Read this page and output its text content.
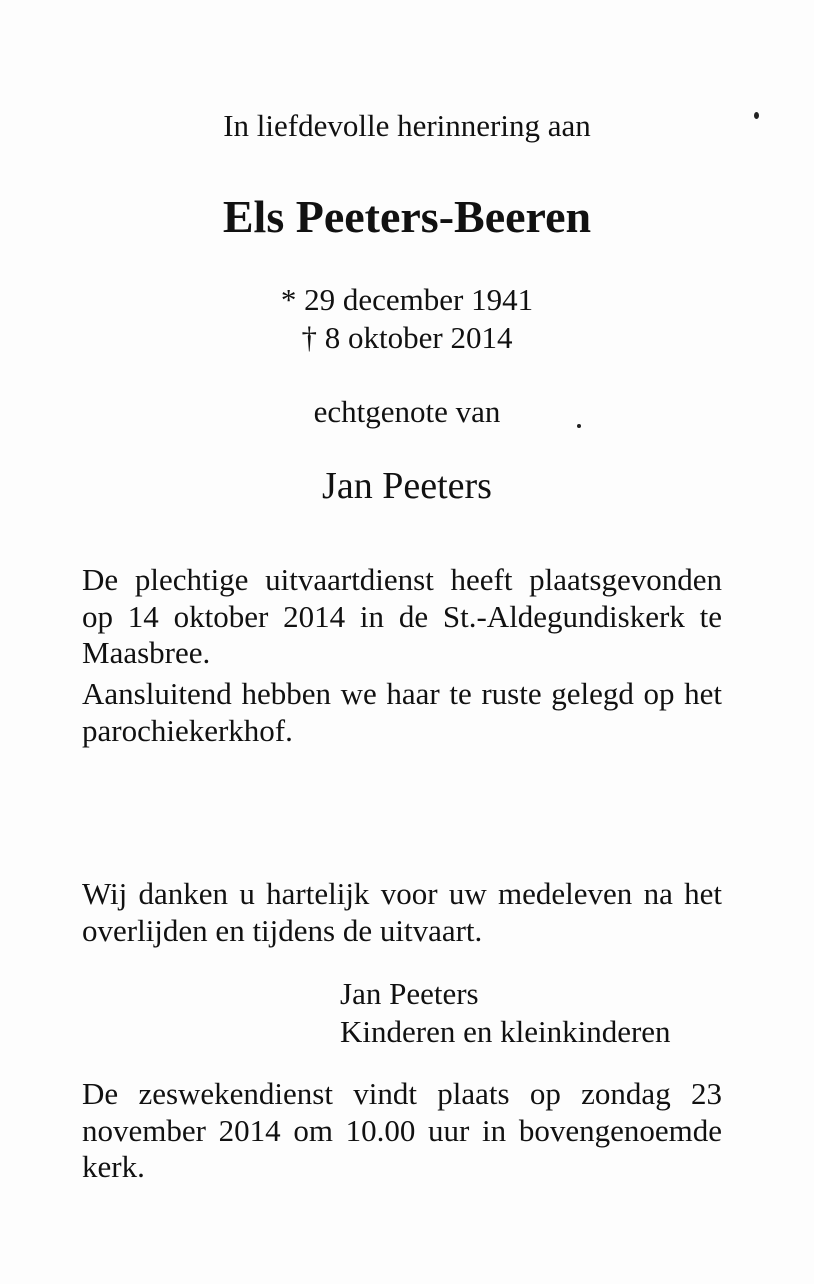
In liefdevolle herinnering aan
Els Peeters-Beeren
* 29 december 1941
† 8 oktober 2014
echtgenote van
Jan Peeters

De plechtige uitvaartdienst heeft plaatsgevonden op 14 oktober 2014 in de St.-Aldegundiskerk te Maasbree.

Aansluitend hebben we haar te ruste gelegd op het parochiekerkhof.

Wij danken u hartelijk voor uw medeleven na het overlijden en tijdens de uitvaart.

Jan Peeters
Kinderen en kleinkinderen

De zeswekendienst vindt plaats op zondag 23 november 2014 om 10.00 uur in bovengenoemde kerk.
